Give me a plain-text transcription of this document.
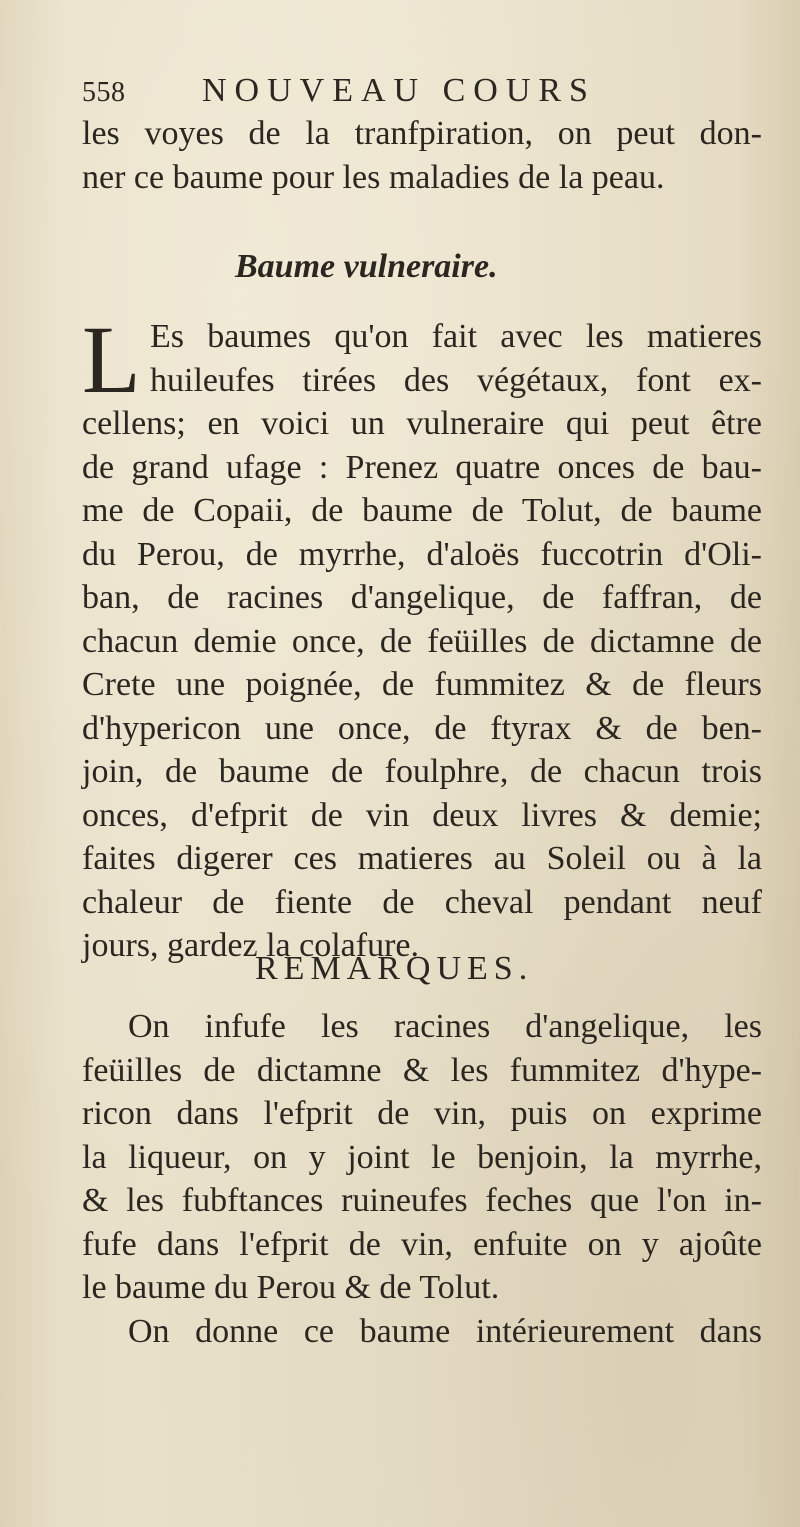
558 NOUVEAU COURS
les voyes de la tranfpiration, on peut don-
ner ce baume pour les maladies de la peau.
Baume vulneraire.
L Es baumes qu'on fait avec les matieres
huileufes tirées des végétaux, font ex-
cellens; en voici un vulneraire qui peut être
de grand ufage : Prenez quatre onces de bau-
me de Copaii, de baume de Tolut, de baume
du Perou, de myrrhe, d'aloës fuccotrin d'Oli-
ban, de racines d'angelique, de faffran, de
chacun demie once, de feüilles de dictamne de
Crete une poignée, de fummitez & de fleurs
d'hypericon une once, de ftyrax & de ben-
join, de baume de foulphre, de chacun trois
onces, d'efprit de vin deux livres & demie;
faites digerer ces matieres au Soleil ou à la
chaleur de fiente de cheval pendant neuf
jours, gardez la colafure.
REMARQUES.
On infufe les racines d'angelique, les
feüilles de dictamne & les fummitez d'hype-
ricon dans l'efprit de vin, puis on exprime
la liqueur, on y joint le benjoin, la myrrhe,
& les fubftances ruineufes feches que l'on in-
fufe dans l'efprit de vin, enfuite on y ajoûte
le baume du Perou & de Tolut.
On donne ce baume intérieurement dans
